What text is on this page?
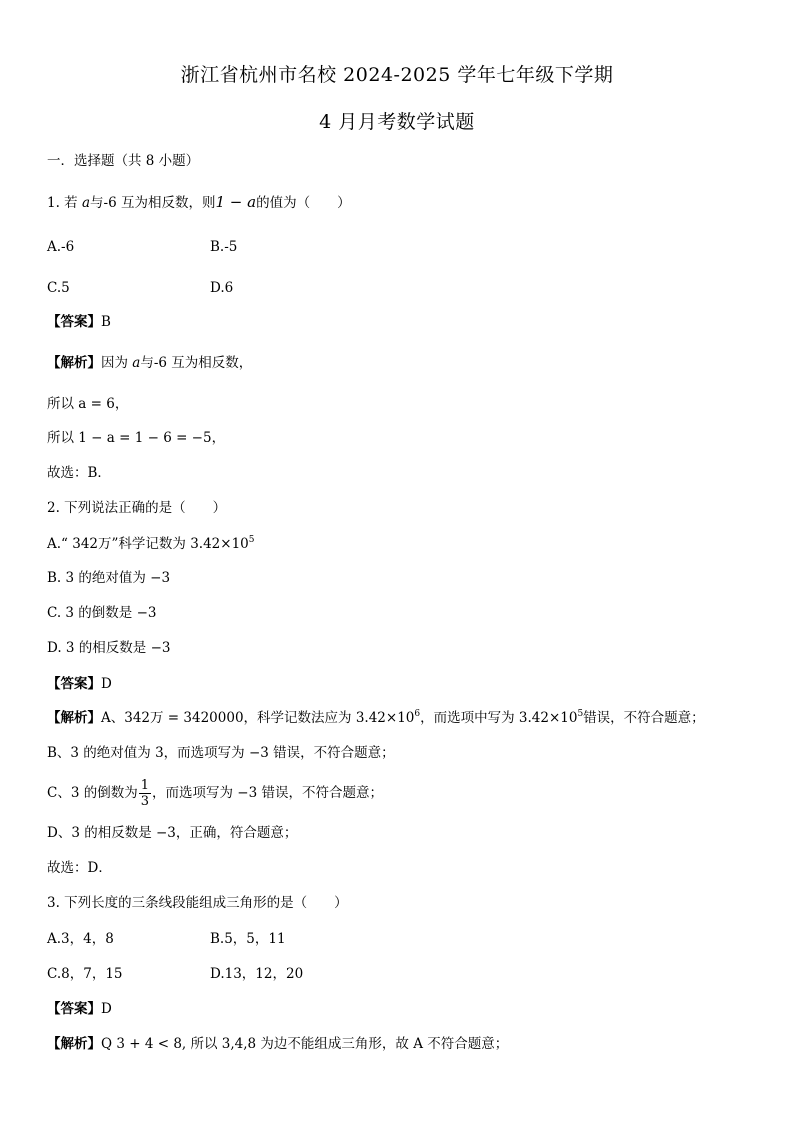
浙江省杭州市名校 2024-2025 学年七年级下学期
4 月月考数学试题
一．选择题（共 8 小题）
1. 若 a与-6 互为相反数，则1 − a的值为（　　）
A.-6	B.-5
C.5	D.6
【答案】B
【解析】因为 a与-6 互为相反数，
所以 a = 6，
所以 1 − a = 1 − 6 = −5，
故选：B．
2. 下列说法正确的是（　　）
A.“ 342万”科学记数为 $3.42\times 10^5$
B. 3 的绝对值为 −3
C. 3 的倒数是 −3
D. 3 的相反数是 −3
【答案】D
【解析】A、342万 = 3420000，科学记数法应为 $3.42\times 10^6$，而选项中写为 $3.42\times 10^5$错误，不符合题意；
B、3 的绝对值为 3，而选项写为 −3 错误，不符合题意；
C、3 的倒数为 $\frac{1}{3}$ ，而选项写为 −3 错误，不符合题意；
D、3 的相反数是 −3，正确，符合题意；
故选：D．
3. 下列长度的三条线段能组成三角形的是（　　）
A.3，4，8	B.5，5，11
C.8，7，15	D.13，12，20
【答案】D
【解析】Q 3 + 4 < 8, 所以 3,4,8 为边不能组成三角形，故 A 不符合题意；
